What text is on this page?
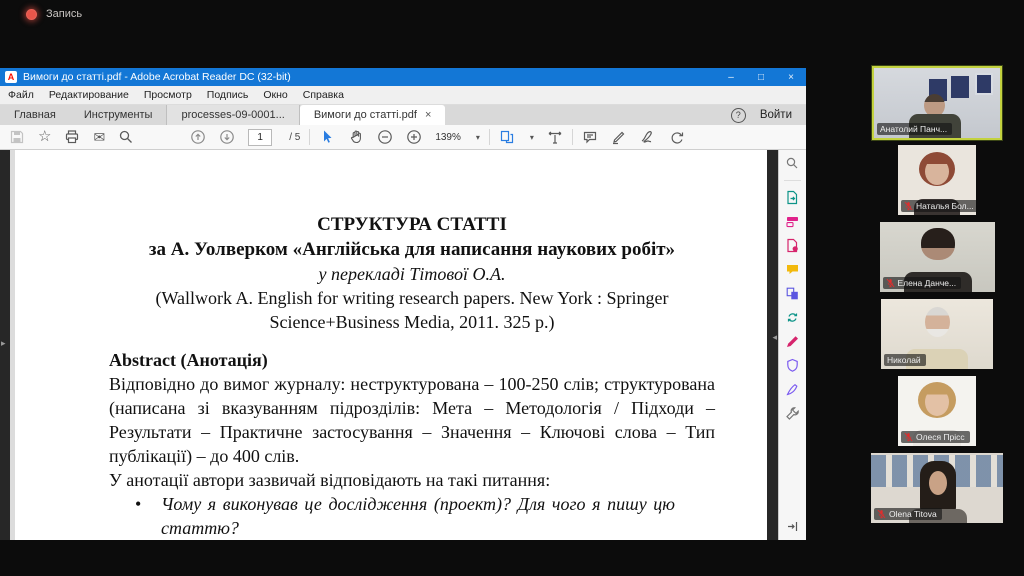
Запись
A Вимоги до статті.pdf - Adobe Acrobat Reader DC (32-bit)	–	□	×
Файл Редактирование Просмотр Подпись Окно Справка
Главная	Инструменты	processes-09-0001...	Вимоги до статті.pdf ×	?	Войти
☆	✉	1	/ 5	139% ▾	▾
▸
СТРУКТУРА СТАТТІ
за А. Уолверком «Англійська для написання наукових робіт»
у перекладі Тітової О.А.
(Wallwork A. English for writing research papers. New York : Springer Science+Business Media, 2011. 325 p.)
Abstract (Анотація)
Відповідно до вимог журналу: неструктурована – 100-250 слів; структурована (написана зі вказуванням підрозділів: Мета – Методологія / Підходи – Результати – Практичне застосування – Значення – Ключові слова – Тип публікації) – до 400 слів.
У анотації автори зазвичай відповідають на такі питання:
•	Чому я виконував це дослідження (проект)? Для чого я пишу цю статтю?
◂
Анатолий Панч...
Наталья Бол...
Елена Данче...
Николай
Олеся Прісс
Olena Titova
